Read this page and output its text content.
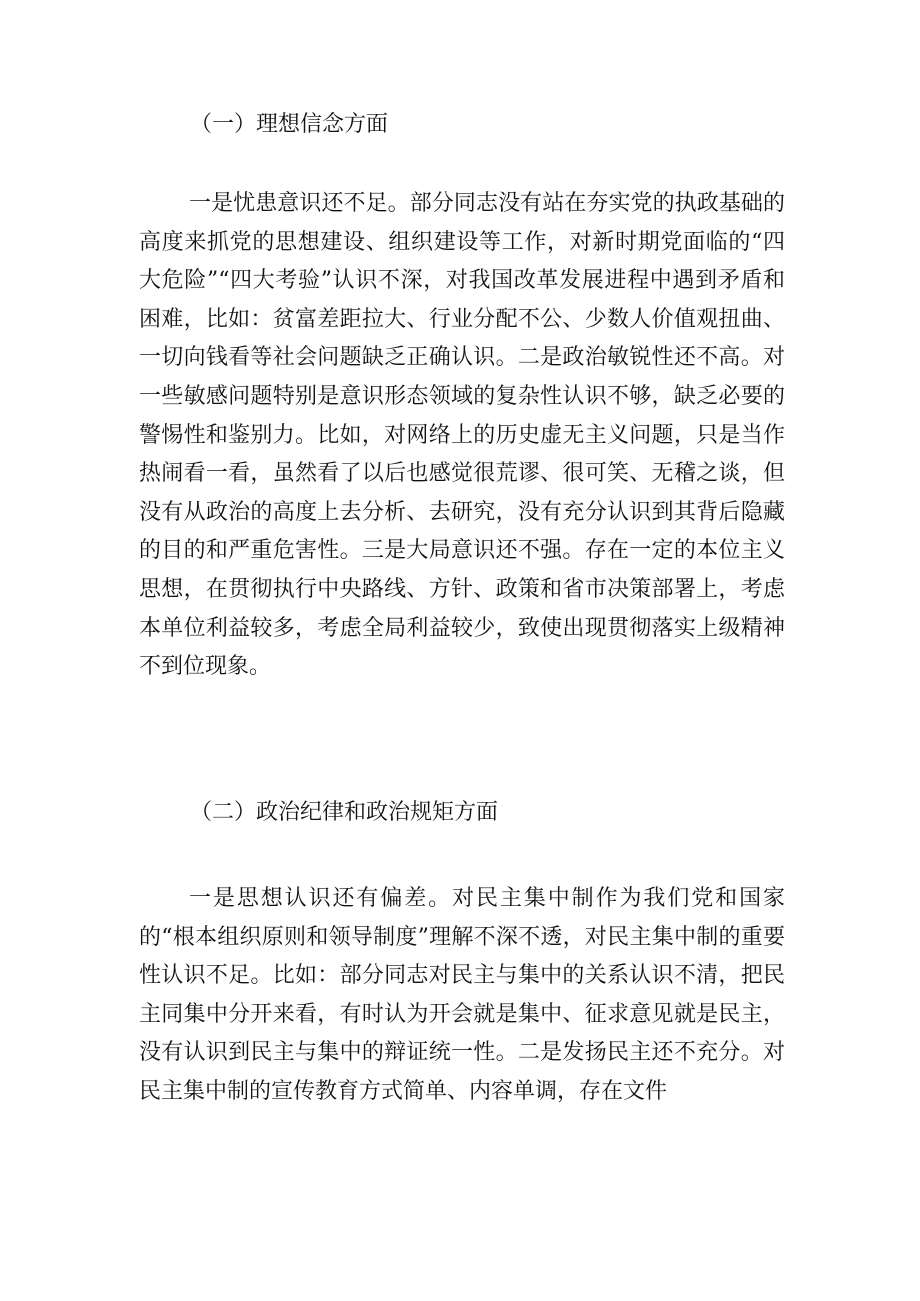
（一）理想信念方面

一是忧患意识还不足。部分同志没有站在夯实党的执政基础的高度来抓党的思想建设、组织建设等工作，对新时期党面临的“四大危险”“四大考验”认识不深，对我国改革发展进程中遇到矛盾和困难，比如：贫富差距拉大、行业分配不公、少数人价值观扭曲、一切向钱看等社会问题缺乏正确认识。二是政治敏锐性还不高。对一些敏感问题特别是意识形态领域的复杂性认识不够，缺乏必要的警惕性和鉴别力。比如，对网络上的历史虚无主义问题，只是当作热闹看一看，虽然看了以后也感觉很荒谬、很可笑、无稽之谈，但没有从政治的高度上去分析、去研究，没有充分认识到其背后隐藏的目的和严重危害性。三是大局意识还不强。存在一定的本位主义思想，在贯彻执行中央路线、方针、政策和省市决策部署上，考虑本单位利益较多，考虑全局利益较少，致使出现贯彻落实上级精神不到位现象。

（二）政治纪律和政治规矩方面

一是思想认识还有偏差。对民主集中制作为我们党和国家的“根本组织原则和领导制度”理解不深不透，对民主集中制的重要性认识不足。比如：部分同志对民主与集中的关系认识不清，把民主同集中分开来看，有时认为开会就是集中、征求意见就是民主，没有认识到民主与集中的辩证统一性。二是发扬民主还不充分。对民主集中制的宣传教育方式简单、内容单调，存在文件
